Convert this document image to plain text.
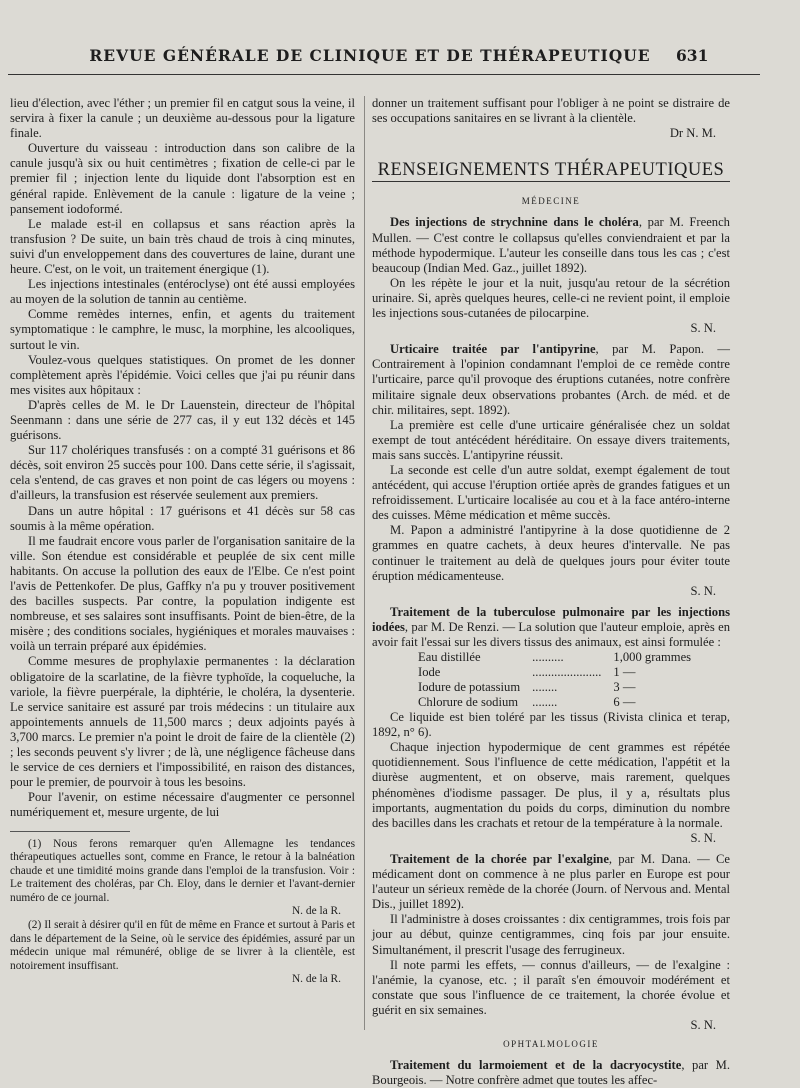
REVUE GÉNÉRALE DE CLINIQUE ET DE THÉRAPEUTIQUE	631

lieu d'élection, avec l'éther ; un premier fil en catgut sous la veine, il servira à fixer la canule ; un deuxième au-dessous pour la ligature finale.

Ouverture du vaisseau : introduction dans son calibre de la canule jusqu'à six ou huit centimètres ; fixation de celle-ci par le premier fil ; injection lente du liquide dont l'absorption est en général rapide. Enlèvement de la canule : ligature de la veine ; pansement iodoformé.

Le malade est-il en collapsus et sans réaction après la transfusion ? De suite, un bain très chaud de trois à cinq minutes, suivi d'un enveloppement dans des couvertures de laine, durant une heure. C'est, on le voit, un traitement énergique (1).

Les injections intestinales (entéroclyse) ont été aussi employées au moyen de la solution de tannin au centième.

Comme remèdes internes, enfin, et agents du traitement symptomatique : le camphre, le musc, la morphine, les alcooliques, surtout le vin.

Voulez-vous quelques statistiques. On promet de les donner complètement après l'épidémie. Voici celles que j'ai pu réunir dans mes visites aux hôpitaux :

D'après celles de M. le Dr Lauenstein, directeur de l'hôpital Seenmann : dans une série de 277 cas, il y eut 132 décès et 145 guérisons.

Sur 117 cholériques transfusés : on a compté 31 guérisons et 86 décès, soit environ 25 succès pour 100. Dans cette série, il s'agissait, cela s'entend, de cas graves et non point de cas légers ou moyens : d'ailleurs, la transfusion est réservée seulement aux premiers.

Dans un autre hôpital : 17 guérisons et 41 décès sur 58 cas soumis à la même opération.

Il me faudrait encore vous parler de l'organisation sanitaire de la ville. Son étendue est considérable et peuplée de six cent mille habitants. On accuse la pollution des eaux de l'Elbe. Ce n'est point l'avis de Pettenkofer. De plus, Gaffky n'a pu y trouver positivement des bacilles suspects. Par contre, la population indigente est nombreuse, et ses salaires sont insuffisants. Point de bien-être, de la misère ; des conditions sociales, hygiéniques et morales mauvaises : voilà un terrain préparé aux épidémies.

Comme mesures de prophylaxie permanentes : la déclaration obligatoire de la scarlatine, de la fièvre typhoïde, la coqueluche, la variole, la fièvre puerpérale, la diphtérie, le choléra, la dysenterie. Le service sanitaire est assuré par trois médecins : un titulaire aux appointements annuels de 11,500 marcs ; deux adjoints payés à 3,700 marcs. Le premier n'a point le droit de faire de la clientèle (2) ; les seconds peuvent s'y livrer ; de là, une négligence fâcheuse dans le service de ces derniers et l'impossibilité, en raison des distances, pour le premier, de pourvoir à tous les besoins.

Pour l'avenir, on estime nécessaire d'augmenter ce personnel numériquement et, mesure urgente, de lui

(1) Nous ferons remarquer qu'en Allemagne les tendances thérapeutiques actuelles sont, comme en France, le retour à la balnéation chaude et une timidité moins grande dans l'emploi de la transfusion. Voir : Le traitement des choléras, par Ch. Eloy, dans le dernier et l'avant-dernier numéro de ce journal.

N. de la R.

(2) Il serait à désirer qu'il en fût de même en France et surtout à Paris et dans le département de la Seine, où le service des épidémies, assuré par un médecin unique mal rémunéré, oblige de se livrer à la clientèle, est notoirement insuffisant.

N. de la R.

donner un traitement suffisant pour l'obliger à ne point se distraire de ses occupations sanitaires en se livrant à la clientèle.

Dr N. M.

RENSEIGNEMENTS THÉRAPEUTIQUES
MÉDECINE

Des injections de strychnine dans le choléra, par M. Freench Mullen. — C'est contre le collapsus qu'elles conviendraient et par la méthode hypodermique. L'auteur les conseille dans tous les cas ; c'est beaucoup (Indian Med. Gaz., juillet 1892).

On les répète le jour et la nuit, jusqu'au retour de la sécrétion urinaire. Si, après quelques heures, celle-ci ne revient point, il emploie les injections sous-cutanées de pilocarpine.

S. N.

Urticaire traitée par l'antipyrine, par M. Papon. — Contrairement à l'opinion condamnant l'emploi de ce remède contre l'urticaire, parce qu'il provoque des éruptions cutanées, notre confrère militaire signale deux observations probantes (Arch. de méd. et de chir. militaires, sept. 1892).

La première est celle d'une urticaire généralisée chez un soldat exempt de tout antécédent héréditaire. On essaye divers traitements, mais sans succès. L'antipyrine réussit.

La seconde est celle d'un autre soldat, exempt également de tout antécédent, qui accuse l'éruption ortiée après de grandes fatigues et un refroidissement. L'urticaire localisée au cou et à la face antéro-interne des cuisses. Même médication et même succès.

M. Papon a administré l'antipyrine à la dose quotidienne de 2 grammes en quatre cachets, à deux heures d'intervalle. Ne pas continuer le traitement au delà de quelques jours pour éviter toute éruption médicamenteuse.

S. N.

Traitement de la tuberculose pulmonaire par les injections iodées, par M. De Renzi. — La solution que l'auteur emploie, après en avoir fait l'essai sur les divers tissus des animaux, est ainsi formulée :

Eau distillée	..........	1,000 grammes
Iode	......................	1 —
Iodure de potassium	........	3 —
Chlorure de sodium	........	6 —

Ce liquide est bien toléré par les tissus (Rivista clinica et terap, 1892, n° 6).

Chaque injection hypodermique de cent grammes est répétée quotidiennement. Sous l'influence de cette médication, l'appétit et la diurèse augmentent, et on observe, mais rarement, quelques phénomènes d'iodisme passager. De plus, il y a, résultats plus importants, augmentation du poids du corps, diminution du nombre des bacilles dans les crachats et retour de la température à la normale.

S. N.

Traitement de la chorée par l'exalgine, par M. Dana. — Ce médicament dont on commence à ne plus parler en Europe est pour l'auteur un sérieux remède de la chorée (Journ. of Nervous and. Mental Dis., juillet 1892).

Il l'administre à doses croissantes : dix centigrammes, trois fois par jour au début, quinze centigrammes, cinq fois par jour ensuite. Simultanément, il prescrit l'usage des ferrugineux.

Il note parmi les effets, — connus d'ailleurs, — de l'exalgine : l'anémie, la cyanose, etc. ; il paraît s'en émouvoir modérément et constate que sous l'influence de ce traitement, la chorée évolue et guérit en six semaines.

S. N.

OPHTALMOLOGIE

Traitement du larmoiement et de la dacryocystite, par M. Bourgeois. — Notre confrère admet que toutes les affec-
